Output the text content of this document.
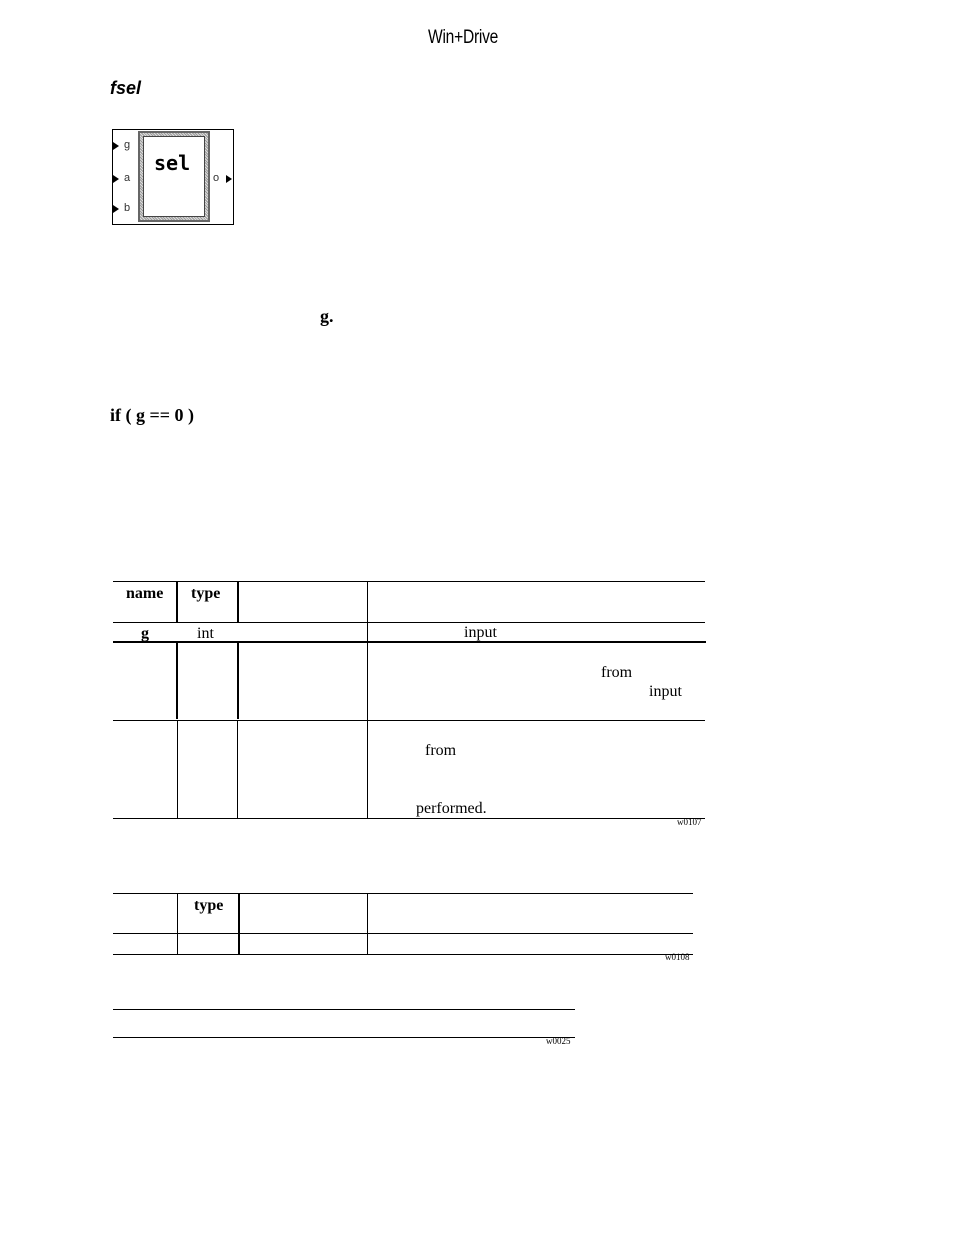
Win+Drive
fsel
sel
g
a
b
o
g.
if ( g == 0 )
name type
g	int	input
from
input
from
performed.
w0107
type
w0108
w0025
